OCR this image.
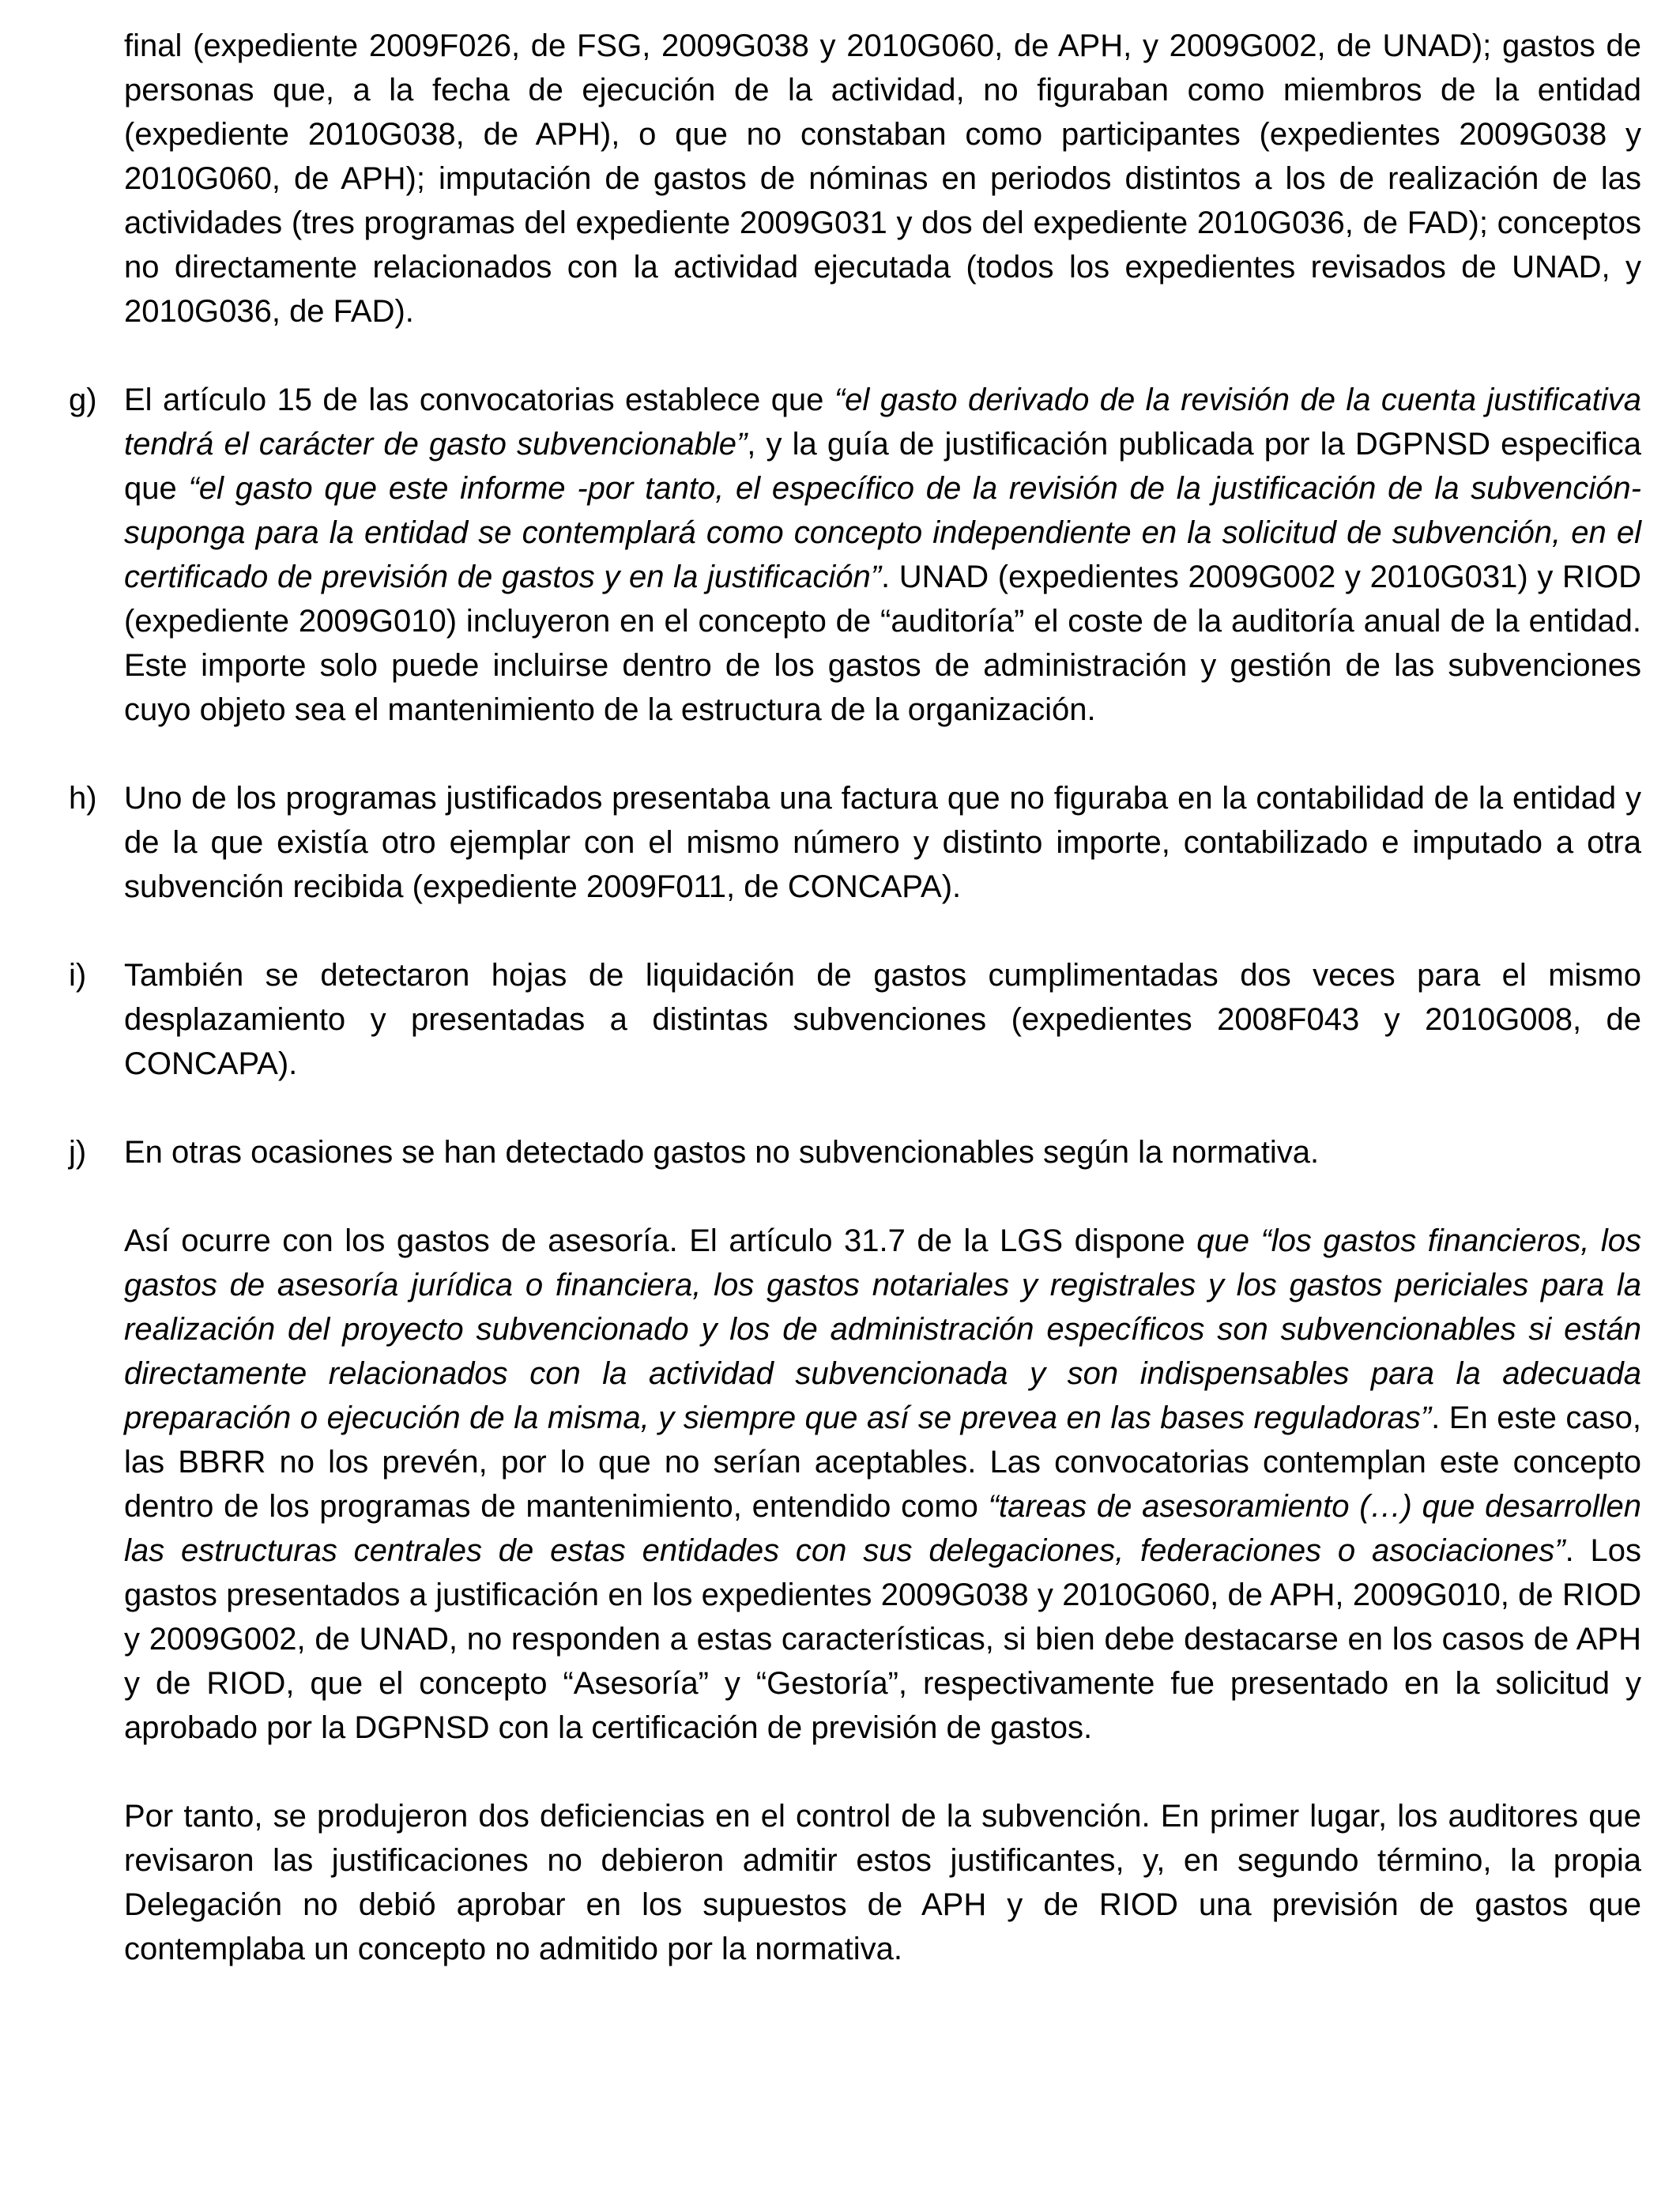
final (expediente 2009F026, de FSG, 2009G038 y 2010G060, de APH, y 2009G002, de UNAD); gastos de personas que, a la fecha de ejecución de la actividad, no figuraban como miembros de la entidad (expediente 2010G038, de APH), o que no constaban como participantes (expedientes 2009G038 y 2010G060, de APH); imputación de gastos de nóminas en periodos distintos a los de realización de las actividades (tres programas del expediente 2009G031 y dos del expediente 2010G036, de FAD); conceptos no directamente relacionados con la actividad ejecutada (todos los expedientes revisados de UNAD, y 2010G036, de FAD).

g) El artículo 15 de las convocatorias establece que “el gasto derivado de la revisión de la cuenta justificativa tendrá el carácter de gasto subvencionable”, y la guía de justificación publicada por la DGPNSD especifica que “el gasto que este informe -por tanto, el específico de la revisión de la justificación de la subvención- suponga para la entidad se contemplará como concepto independiente en la solicitud de subvención, en el certificado de previsión de gastos y en la justificación”. UNAD (expedientes 2009G002 y 2010G031) y RIOD (expediente 2009G010) incluyeron en el concepto de “auditoría” el coste de la auditoría anual de la entidad. Este importe solo puede incluirse dentro de los gastos de administración y gestión de las subvenciones cuyo objeto sea el mantenimiento de la estructura de la organización.
h) Uno de los programas justificados presentaba una factura que no figuraba en la contabilidad de la entidad y de la que existía otro ejemplar con el mismo número y distinto importe, contabilizado e imputado a otra subvención recibida (expediente 2009F011, de CONCAPA).
i)	También se detectaron hojas de liquidación de gastos cumplimentadas dos veces para el mismo desplazamiento y presentadas a distintas subvenciones (expedientes 2008F043 y 2010G008, de CONCAPA).
j)	En otras ocasiones se han detectado gastos no subvencionables según la normativa.
Así ocurre con los gastos de asesoría. El artículo 31.7 de la LGS dispone que “los gastos financieros, los gastos de asesoría jurídica o financiera, los gastos notariales y registrales y los gastos periciales para la realización del proyecto subvencionado y los de administración específicos son subvencionables si están directamente relacionados con la actividad subvencionada y son indispensables para la adecuada preparación o ejecución de la misma, y siempre que así se prevea en las bases reguladoras”. En este caso, las BBRR no los prevén, por lo que no serían aceptables. Las convocatorias contemplan este concepto dentro de los programas de mantenimiento, entendido como “tareas de asesoramiento (…) que desarrollen las estructuras centrales de estas entidades con sus delegaciones, federaciones o asociaciones”. Los gastos presentados a justificación en los expedientes 2009G038 y 2010G060, de APH, 2009G010, de RIOD y 2009G002, de UNAD, no responden a estas características, si bien debe destacarse en los casos de APH y de RIOD, que el concepto “Asesoría” y “Gestoría”, respectivamente fue presentado en la solicitud y aprobado por la DGPNSD con la certificación de previsión de gastos.
Por tanto, se produjeron dos deficiencias en el control de la subvención. En primer lugar, los auditores que revisaron las justificaciones no debieron admitir estos justificantes, y, en segundo término, la propia Delegación no debió aprobar en los supuestos de APH y de RIOD una previsión de gastos que contemplaba un concepto no admitido por la normativa.
